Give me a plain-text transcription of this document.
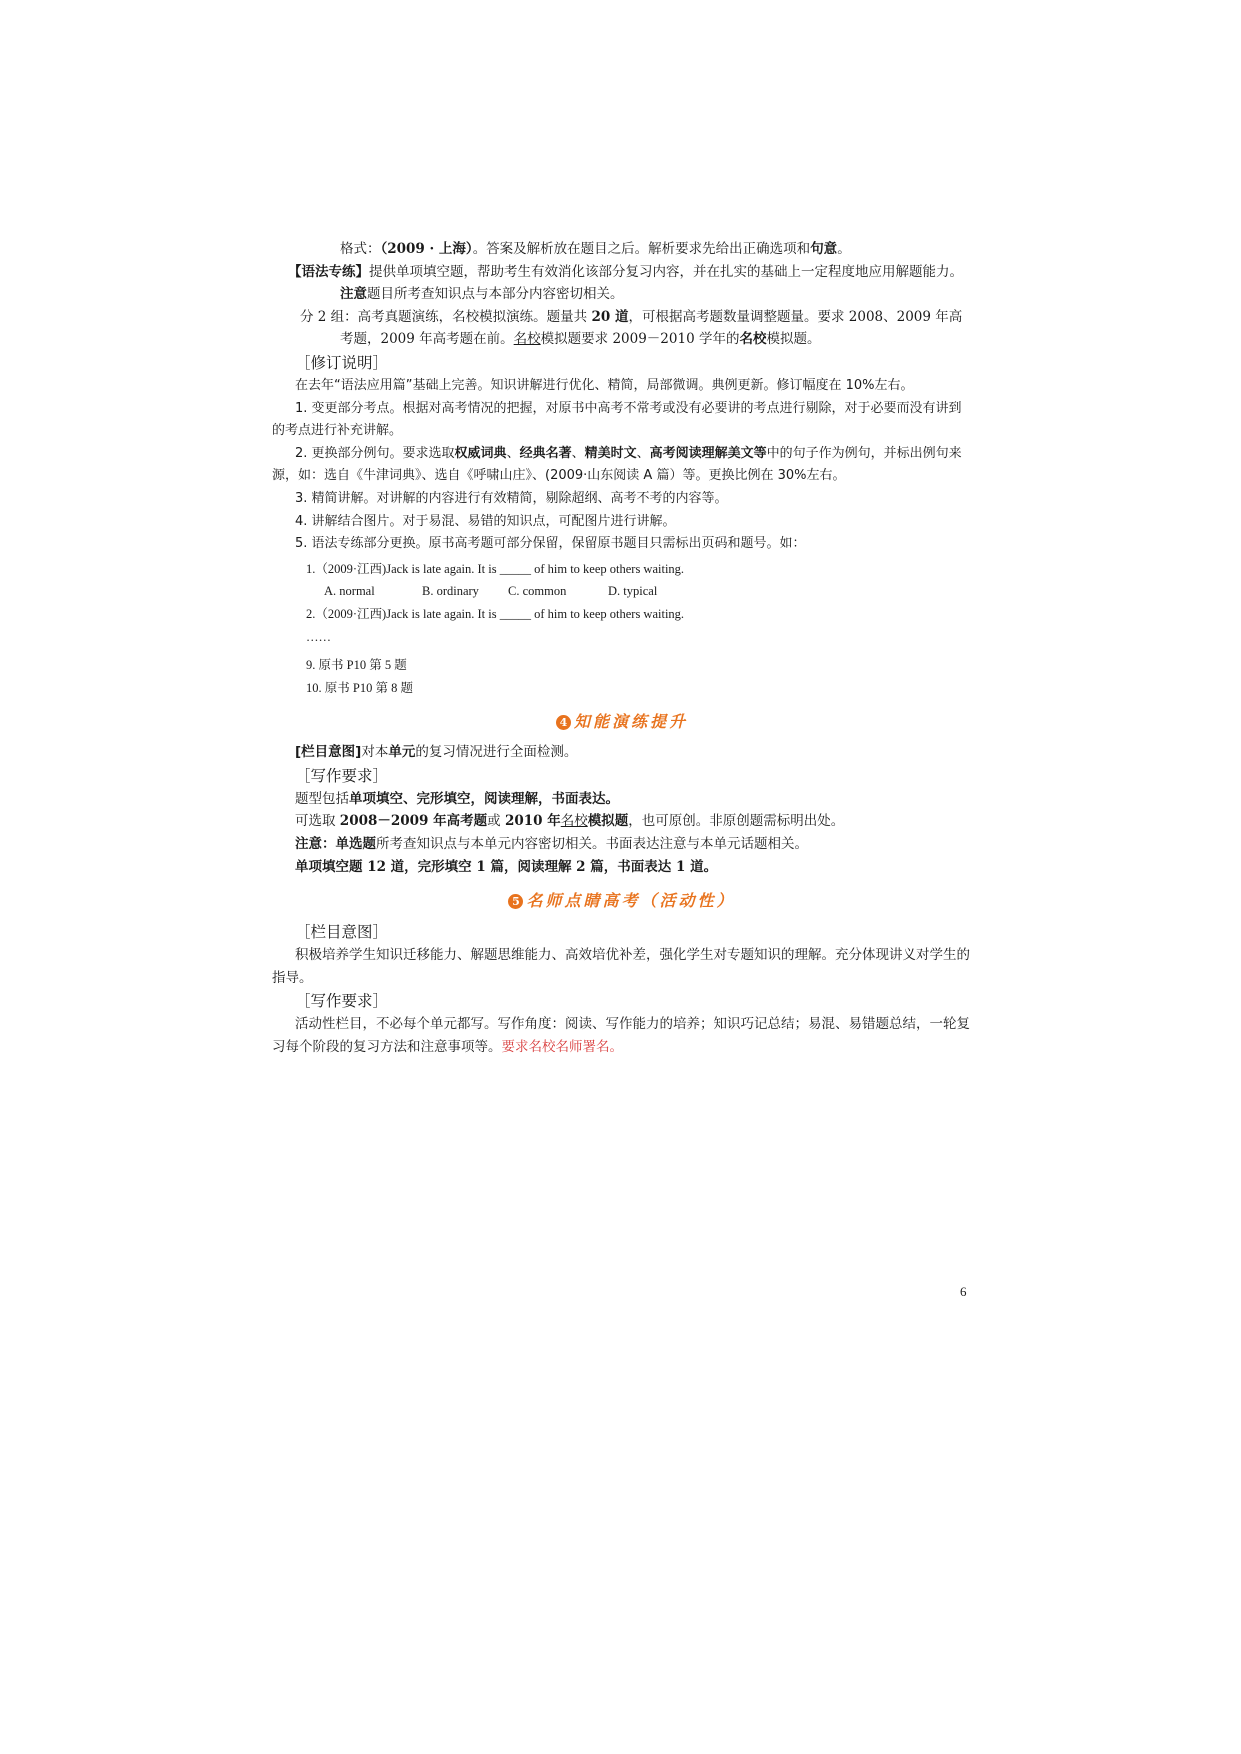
格式：（2009 · 上海）。答案及解析放在题目之后。解析要求先给出正确选项和句意。

【语法专练】提供单项填空题，帮助考生有效消化该部分复习内容，并在扎实的基础上一定程度地应用解题能力。注意题目所考查知识点与本部分内容密切相关。

分 2 组：高考真题演练，名校模拟演练。题量共 20 道，可根据高考题数量调整题量。要求 2008、2009 年高考题，2009 年高考题在前。名校模拟题要求 2009－2010 学年的名校模拟题。

［修订说明］

在去年“语法应用篇”基础上完善。知识讲解进行优化、精简，局部微调。典例更新。修订幅度在 10%左右。

1. 变更部分考点。根据对高考情况的把握，对原书中高考不常考或没有必要讲的考点进行剔除，对于必要而没有讲到的考点进行补充讲解。

2. 更换部分例句。要求选取权威词典、经典名著、精美时文、高考阅读理解美文等中的句子作为例句，并标出例句来源，如：选自《牛津词典》、选自《呼啸山庄》、(2009·山东阅读 A 篇）等。更换比例在 30%左右。

3. 精简讲解。对讲解的内容进行有效精简，剔除超纲、高考不考的内容等。

4. 讲解结合图片。对于易混、易错的知识点，可配图片进行讲解。

5. 语法专练部分更换。原书高考题可部分保留，保留原书题目只需标出页码和题号。如：

1.（2009·江西)Jack is late again. It is _____ of him to keep others waiting.

A. normal	B. ordinary C. common	D. typical

2.（2009·江西)Jack is late again. It is _____ of him to keep others waiting.

……

9. 原书 P10 第 5 题

10. 原书 P10 第 8 题

4 知能演练提升

[栏目意图]对本单元的复习情况进行全面检测。

［写作要求］

题型包括单项填空、完形填空，阅读理解，书面表达。

可选取 2008－2009 年高考题或 2010 年名校模拟题，也可原创。非原创题需标明出处。

注意：单选题所考查知识点与本单元内容密切相关。书面表达注意与本单元话题相关。

单项填空题 12 道，完形填空 1 篇，阅读理解 2 篇，书面表达 1 道。

5 名师点睛高考（活动性）

［栏目意图］

积极培养学生知识迁移能力、解题思维能力、高效培优补差，强化学生对专题知识的理解。充分体现讲义对学生的指导。

［写作要求］

活动性栏目，不必每个单元都写。写作角度：阅读、写作能力的培养；知识巧记总结；易混、易错题总结，一轮复习每个阶段的复习方法和注意事项等。要求名校名师署名。

6
